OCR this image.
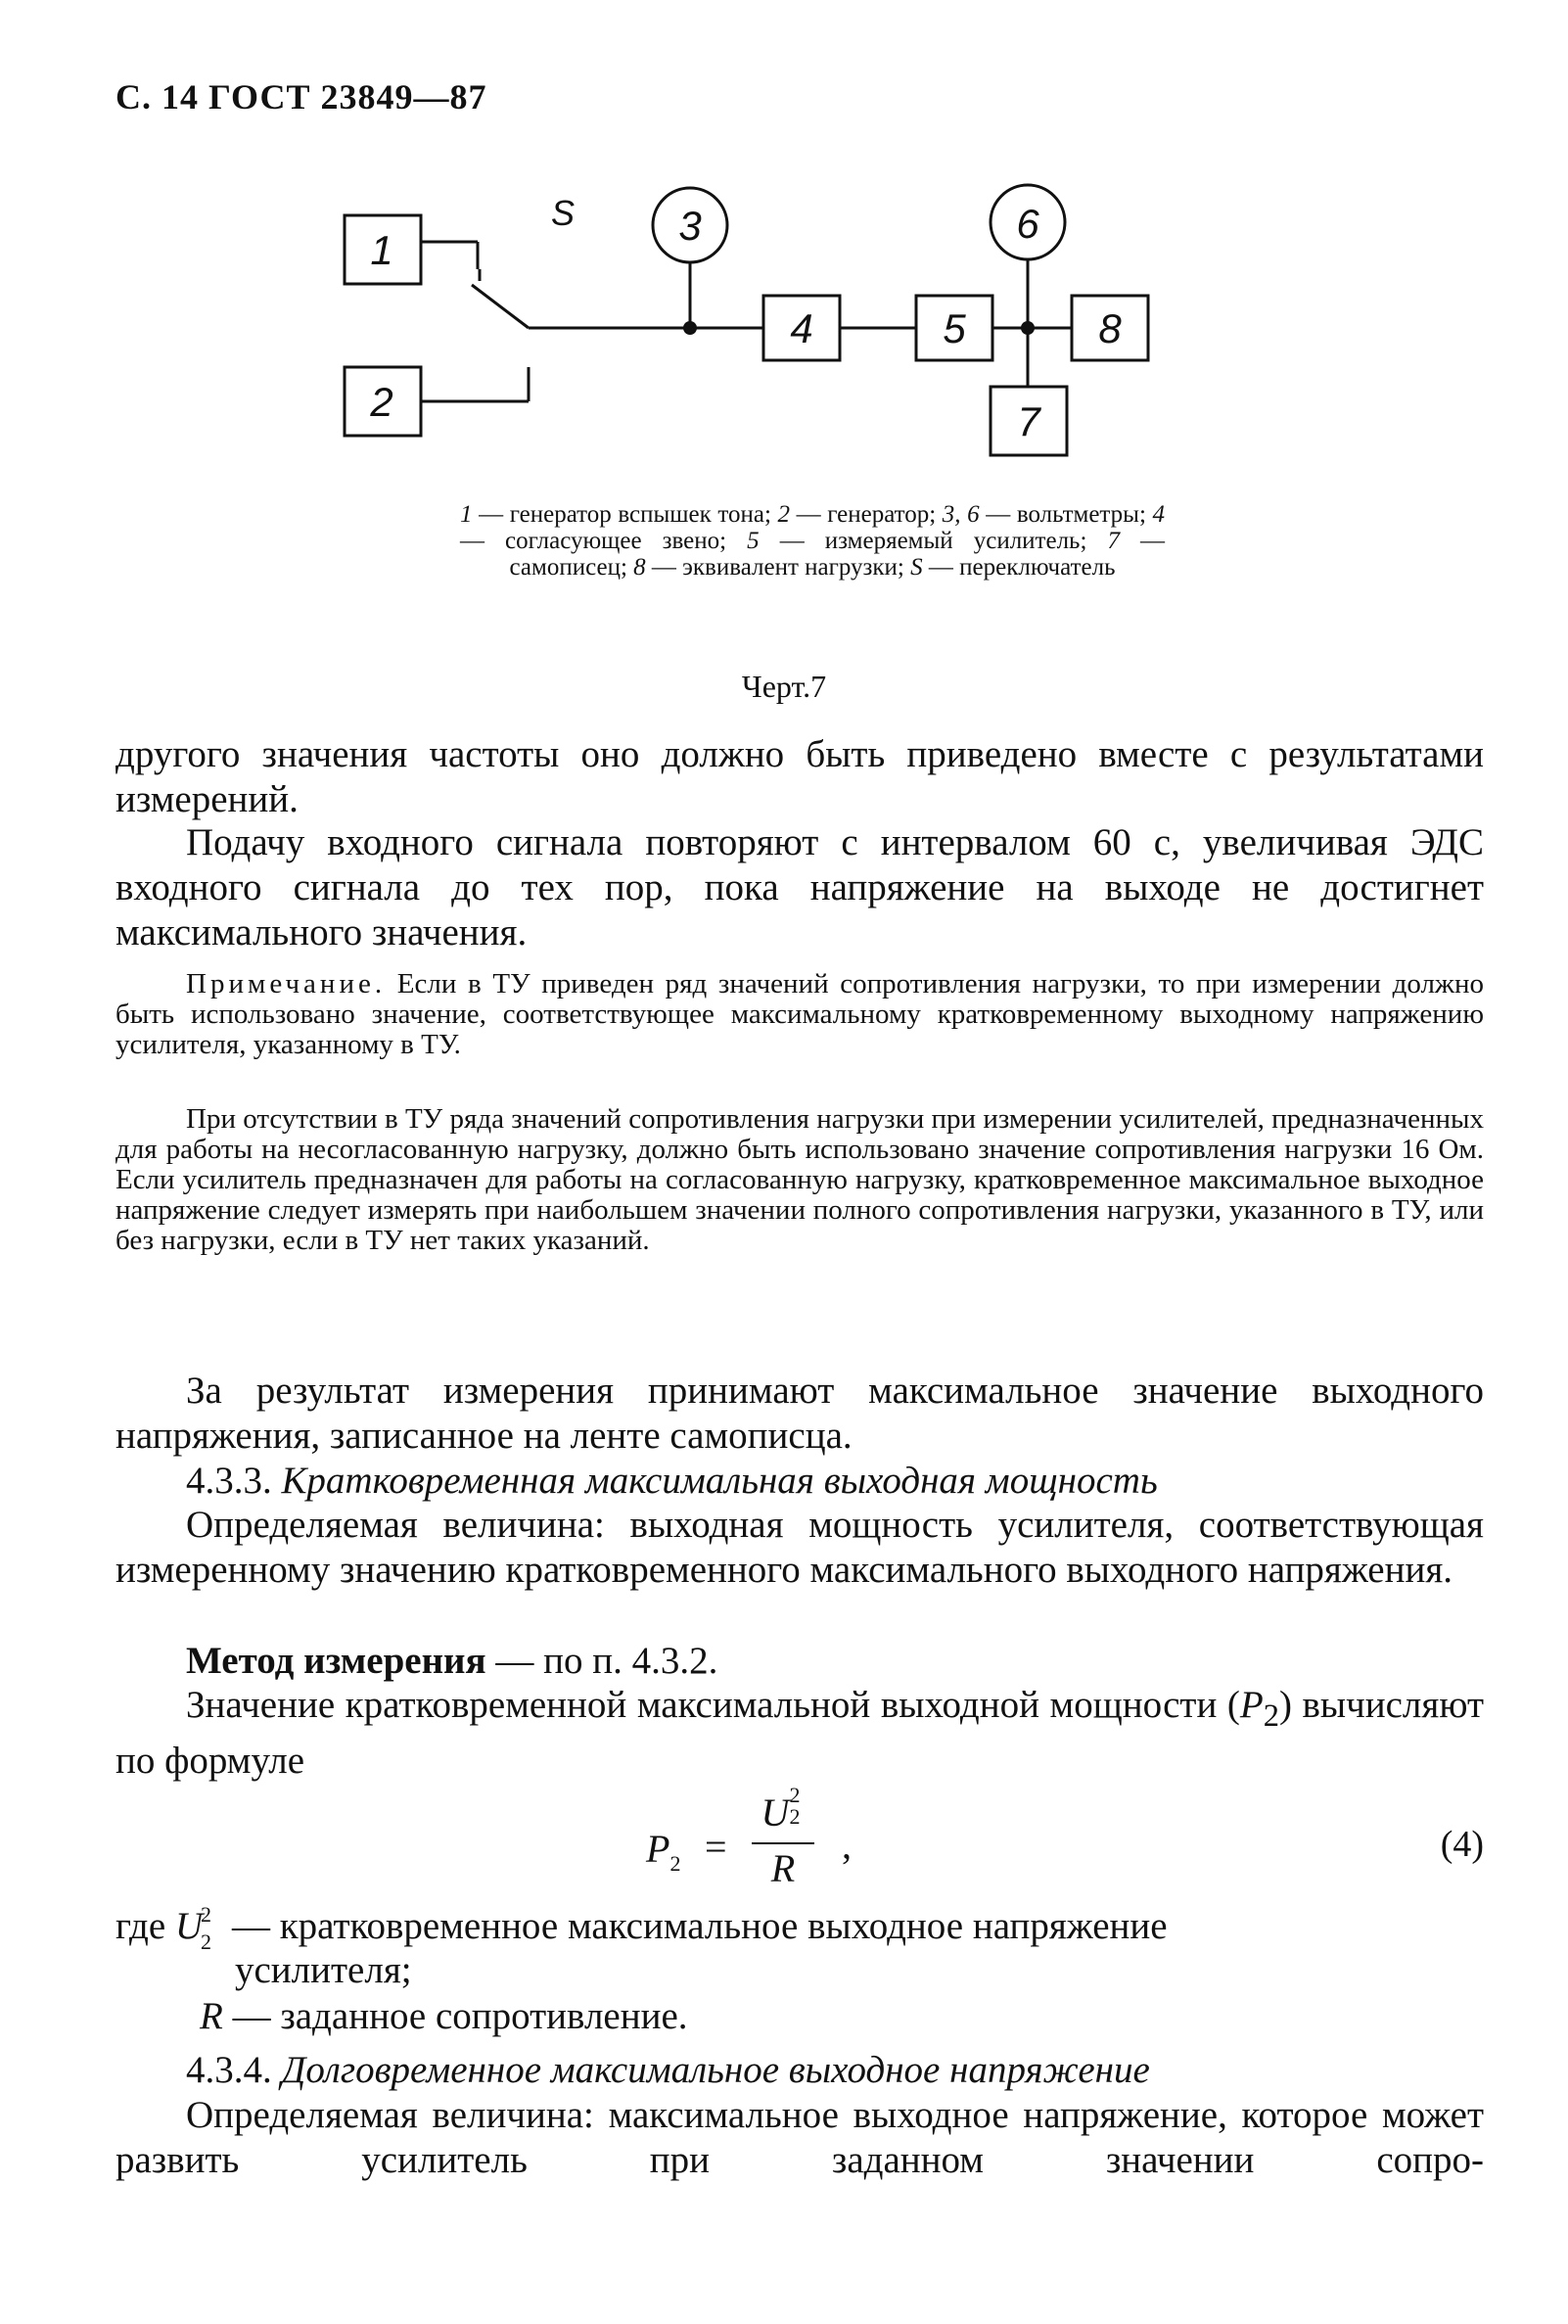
С. 14 ГОСТ 23849—87
1
2
3
4	5
6
7
8
S
1 — генератор вспышек тона; 2 — генератор; 3, 6 — вольтметры; 4 — согласующее звено; 5 — измеряемый усилитель; 7 — самописец; 8 — эквивалент нагрузки; S — переключатель
Черт.7
другого значения частоты оно должно быть приведено вместе с результатами измерений.
Подачу входного сигнала повторяют с интервалом 60 с, увеличивая ЭДС входного сигнала до тех пор, пока напряжение на выходе не достигнет максимального значения.
Примечание. Если в ТУ приведен ряд значений сопротивления нагрузки, то при измерении должно быть использовано значение, соответствующее максимальному кратковременному выходному напряжению усилителя, указанному в ТУ.
При отсутствии в ТУ ряда значений сопротивления нагрузки при измерении усилителей, предназначенных для работы на несогласованную нагрузку, должно быть использовано значение сопротивления нагрузки 16 Ом. Если усилитель предназначен для работы на согласованную нагрузку, кратковременное максимальное выходное напряжение следует измерять при наибольшем значении полного сопротивления нагрузки, указанного в ТУ, или без нагрузки, если в ТУ нет таких указаний.
За результат измерения принимают максимальное значение выходного напряжения, записанное на ленте самописца.
4.3.3. Кратковременная максимальная выходная мощность
Определяемая величина: выходная мощность усилителя, соответствующая измеренному значению кратковременного максимального выходного напряжения.
Метод измерения — по п. 4.3.2.
Значение кратковременной максимальной выходной мощности $(P_2)$ вычисляют по формуле
$P_2$ =
U 2
2
R
,	(4)
где U
2
2 — кратковременное максимальное выходное напряжение
усилителя;
R — заданное сопротивление.
4.3.4. Долговременное максимальное выходное напряжение
Определяемая величина: максимальное выходное напряжение, которое может развить усилитель при заданном значении сопро-
